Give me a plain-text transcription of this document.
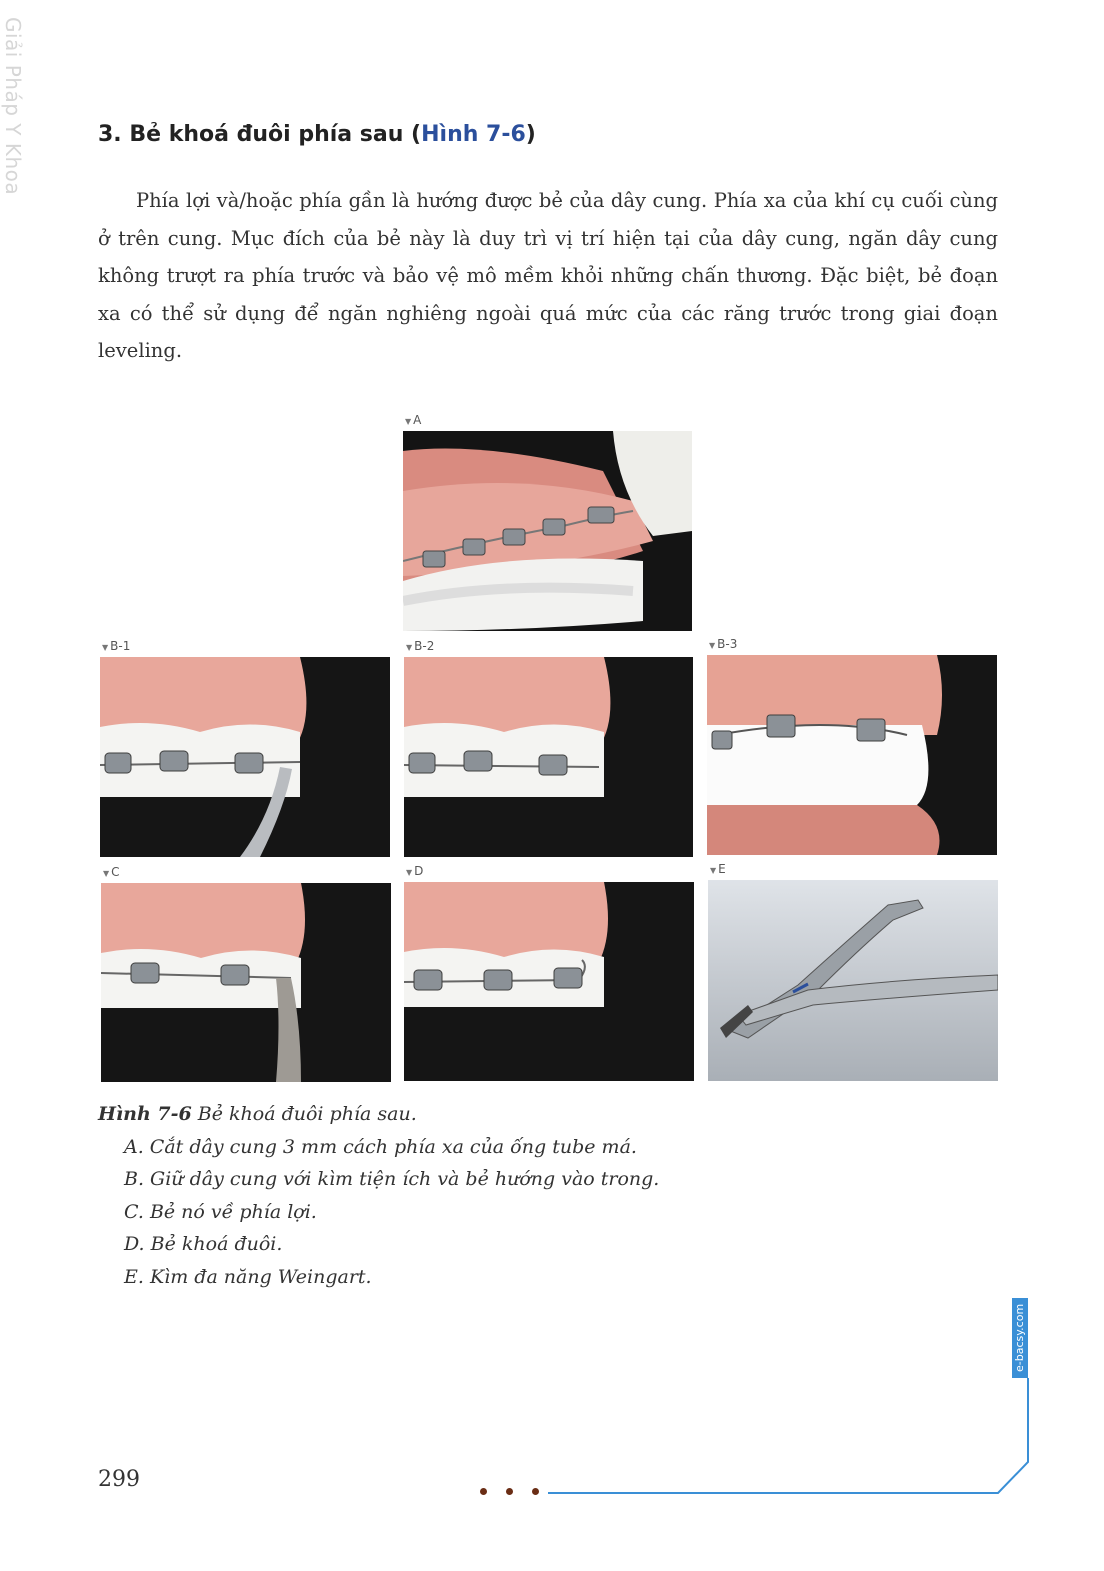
Giải Pháp Y Khoa	3. Bẻ khoá đuôi phía sau (Hình 7-6)

Phía lợi và/hoặc phía gần là hướng được bẻ của dây cung. Phía xa của khí cụ cuối cùng ở trên cung. Mục đích của bẻ này là duy trì vị trí hiện tại của dây cung, ngăn dây cung không trượt ra phía trước và bảo vệ mô mềm khỏi những chấn thương. Đặc biệt, bẻ đoạn xa có thể sử dụng để ngăn nghiêng ngoài quá mức của các răng trước trong giai đoạn leveling.

▼ A
▼ B-1	▼ B-2	▼ B-3
▼ C	▼ D	▼ E
Hình 7-6 Bẻ khoá đuôi phía sau.
A. Cắt dây cung 3 mm cách phía xa của ống tube má.
B. Giữ dây cung với kìm tiện ích và bẻ hướng vào trong.
C. Bẻ nó về phía lợi.
D. Bẻ khoá đuôi.
E. Kìm đa năng Weingart.
e-bacsy.com
299
